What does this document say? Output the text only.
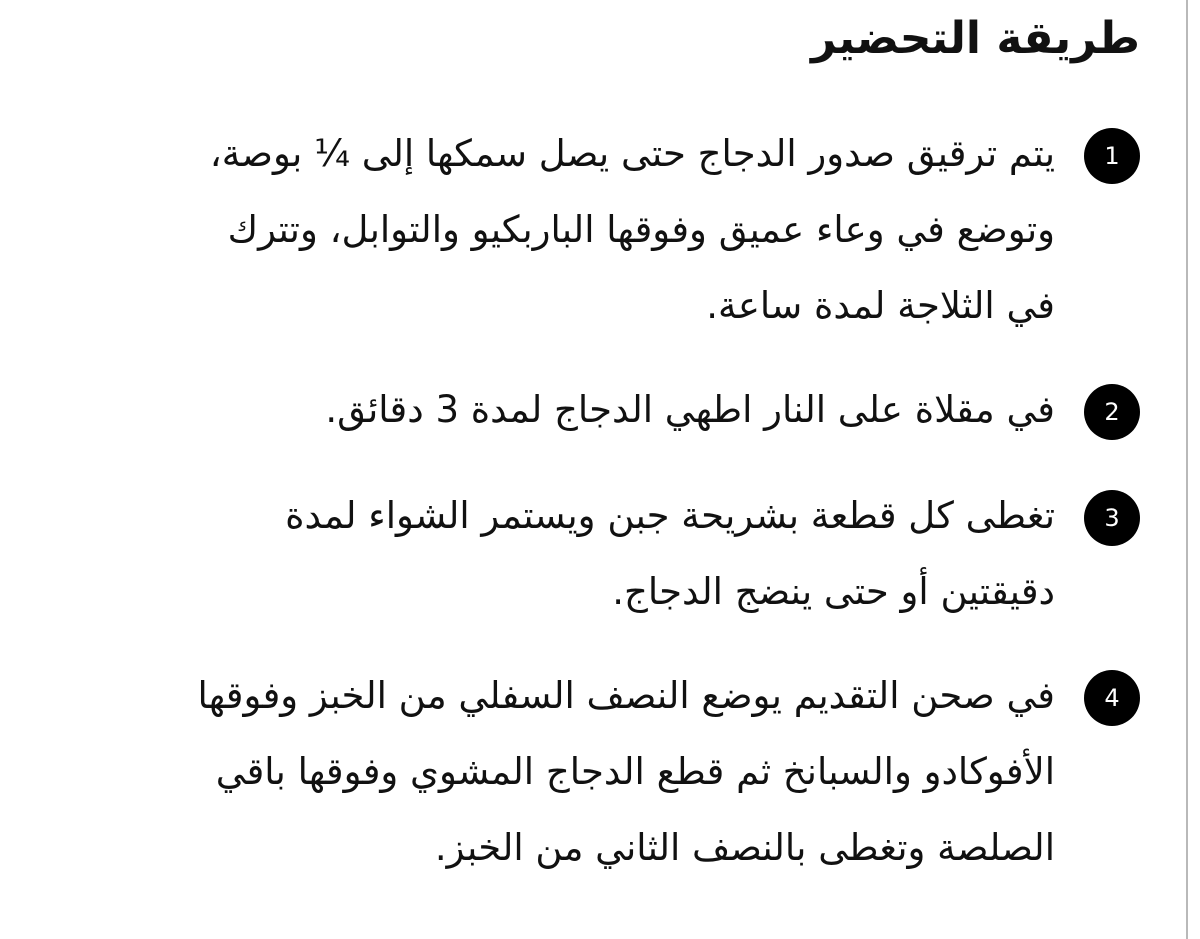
طريقة التحضير
1
يتم ترقيق صدور الدجاج حتى يصل سمكها إلى ¼ بوصة،
وتوضع في وعاء عميق وفوقها الباربكيو والتوابل، وتترك
في الثلاجة لمدة ساعة.
2
في مقلاة على النار اطهي الدجاج لمدة 3 دقائق.
3
تغطى كل قطعة بشريحة جبن ويستمر الشواء لمدة
دقيقتين أو حتى ينضج الدجاج.
4
في صحن التقديم يوضع النصف السفلي من الخبز وفوقها
الأفوكادو والسبانخ ثم قطع الدجاج المشوي وفوقها باقي
الصلصة وتغطى بالنصف الثاني من الخبز.
